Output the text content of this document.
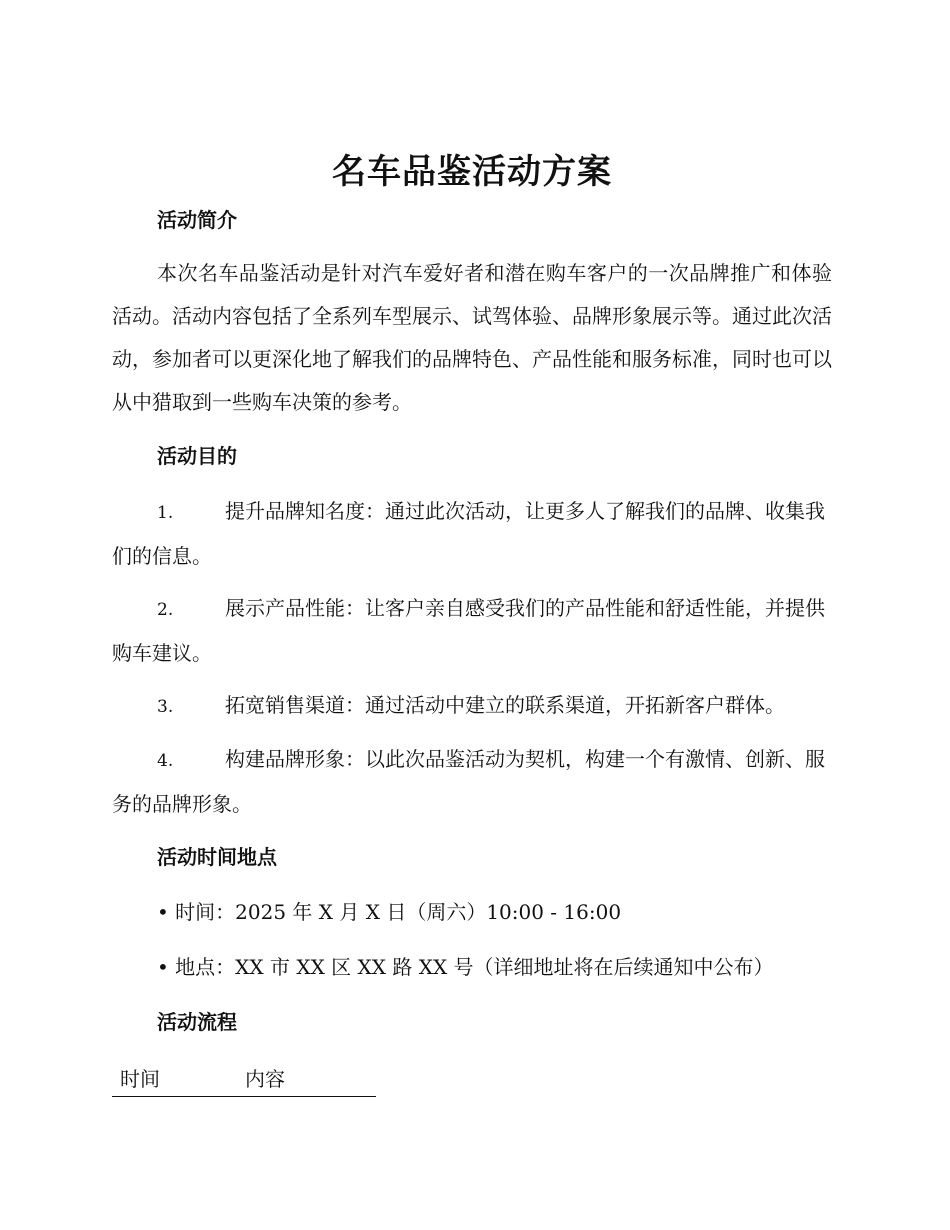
名车品鉴活动方案
活动简介

本次名车品鉴活动是针对汽车爱好者和潜在购车客户的一次品牌推广和体验活动。活动内容包括了全系列车型展示、试驾体验、品牌形象展示等。通过此次活动，参加者可以更深化地了解我们的品牌特色、产品性能和服务标准，同时也可以从中猎取到一些购车决策的参考。

活动目的

1.	提升品牌知名度：通过此次活动，让更多人了解我们的品牌、收集我们的信息。

2.	展示产品性能：让客户亲自感受我们的产品性能和舒适性能，并提供购车建议。

3.	拓宽销售渠道：通过活动中建立的联系渠道，开拓新客户群体。

4.	构建品牌形象：以此次品鉴活动为契机，构建一个有激情、创新、服务的品牌形象。

活动时间地点

• 时间：2025 年 X 月 X 日（周六）10:00 - 16:00

• 地点：XX 市 XX 区 XX 路 XX 号（详细地址将在后续通知中公布）

活动流程
时间	内容
